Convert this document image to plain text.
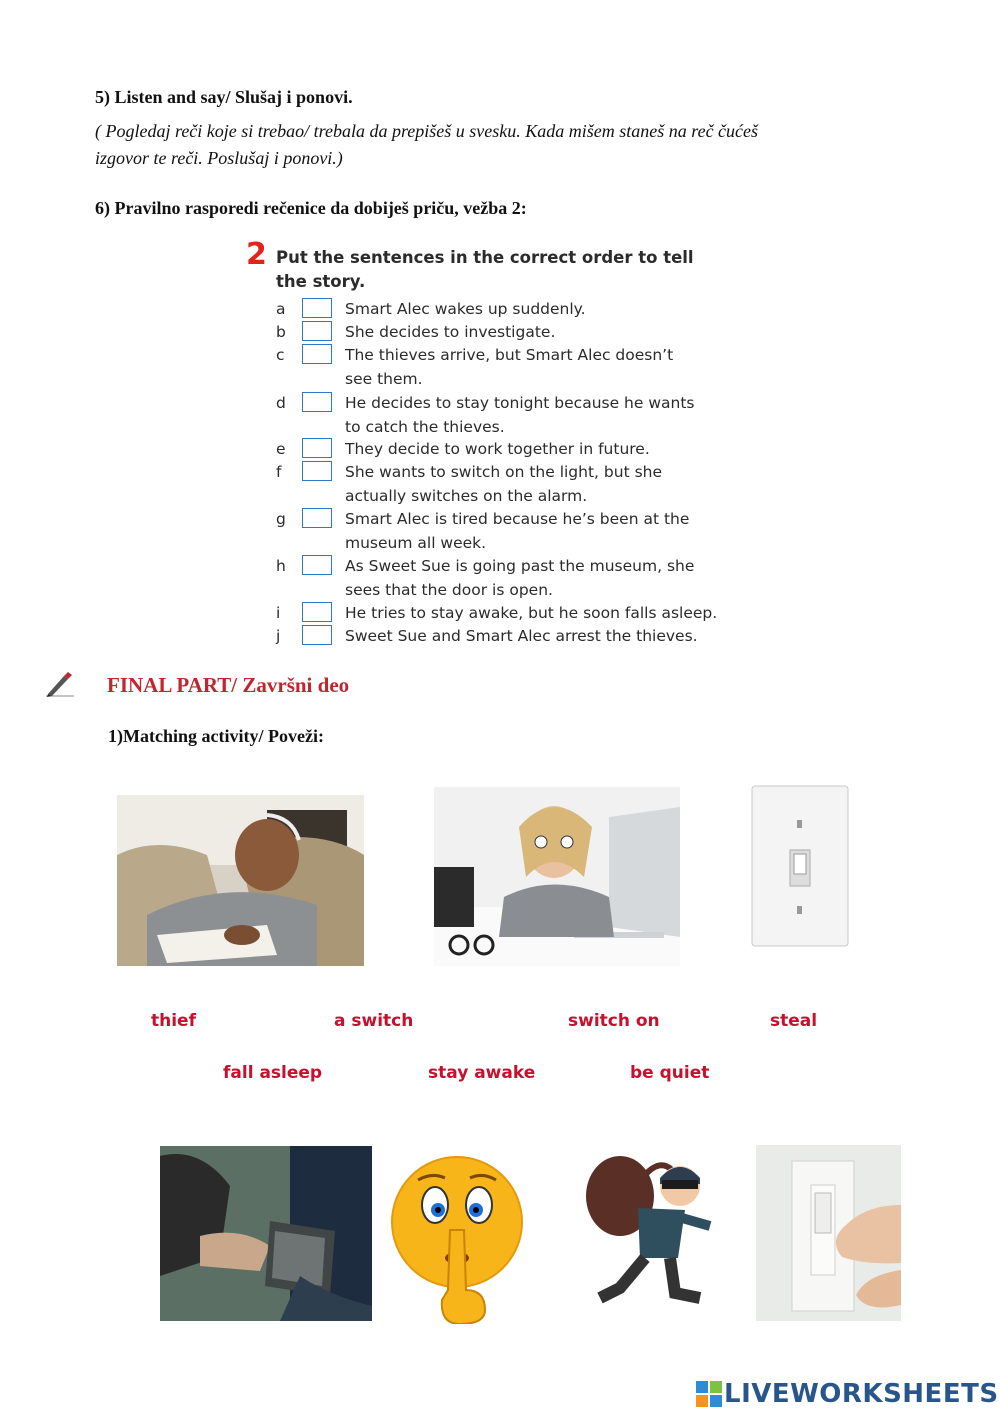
5) Listen and say/ Slušaj i ponovi.
( Pogledaj reči koje si trebao/ trebala da prepišeš u svesku. Kada mišem staneš na reč čućeš
izgovor te reči. Poslušaj i ponovi.)
6) Pravilno rasporedi rečenice da dobiješ priču, vežba 2:
2 Put the sentences in the correct order to tell
the story.
a	Smart Alec wakes up suddenly.
b	She decides to investigate.
c	The thieves arrive, but Smart Alec doesn’t
see them.
d	He decides to stay tonight because he wants
to catch the thieves.
e	They decide to work together in future.
f	She wants to switch on the light, but she
actually switches on the alarm.
g	Smart Alec is tired because he’s been at the
museum all week.
h	As Sweet Sue is going past the museum, she
sees that the door is open.
i	He tries to stay awake, but he soon falls asleep.
j	Sweet Sue and Smart Alec arrest the thieves.
FINAL PART/ Završni deo
1)Matching activity/ Poveži:
thief	a switch	switch on	steal
fall asleep	stay awake	be quiet
LIVEWORKSHEETS
